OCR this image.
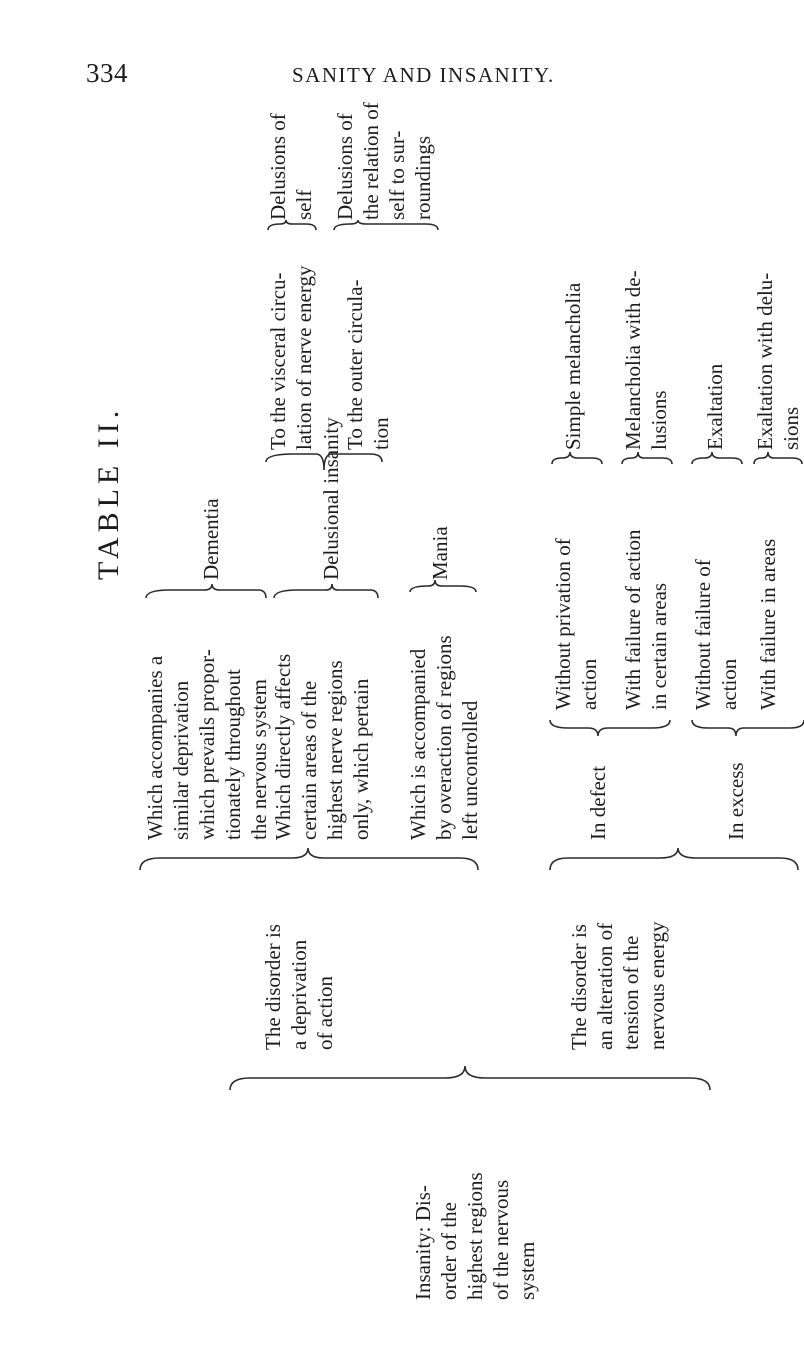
334	SANITY AND INSANITY.
TABLE II.
Insanity: Dis-
order of the
highest regions
of the nervous
system
The disorder is
a deprivation
of action
The disorder is
an alteration of
tension of the
nervous energy
Which accompanies a
similar deprivation
which prevails propor-
tionately throughout
the nervous system
Dementia
Which directly affects
certain areas of the
highest nerve regions
only, which pertain
Delusional insanity
To the visceral circu-
lation of nerve energy
Delusions of
self
To the outer circula-
tion
Delusions of
the relation of
self to sur-
roundings
Which is accompanied
by overaction of regions
left uncontrolled
Mania
In defect
Without privation of
action
Simple melancholia
With failure of action
in certain areas
Melancholia with de-
lusions
In excess
Without failure of
action
Exaltation
With failure in areas
Exaltation with delu-
sions
